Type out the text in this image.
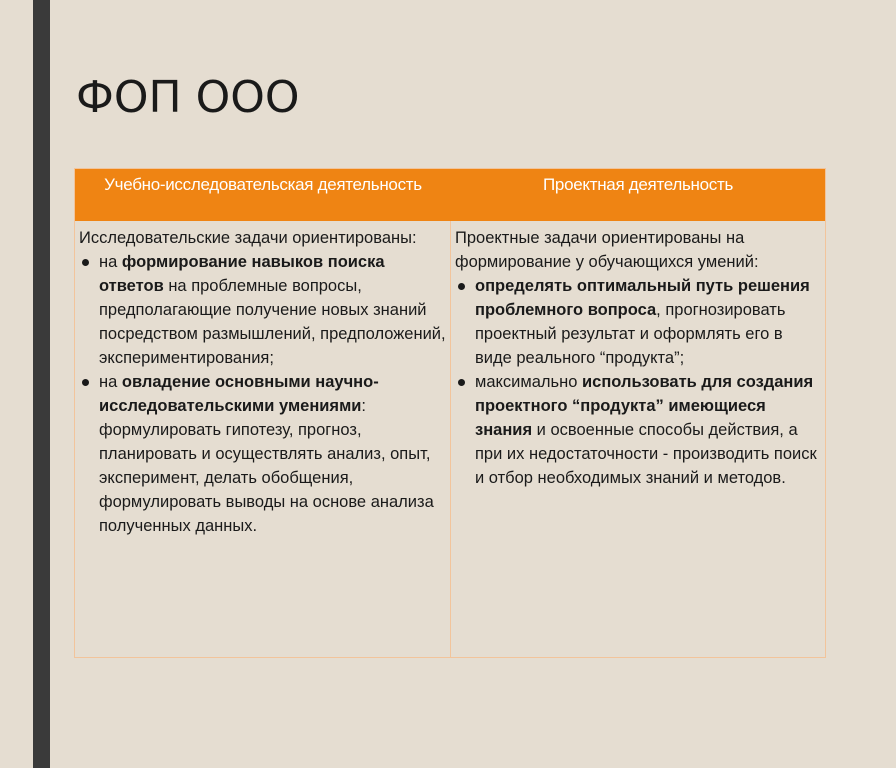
ФОП ООО
Учебно-исследовательская деятельность	Проектная деятельность

Исследовательские задачи ориентированы:

на формирование навыков поиска ответов на проблемные вопросы, предполагающие получение новых знаний посредством размышлений, предположений, экспериментирования;
на овладение основными научно-исследовательскими умениями: формулировать гипотезу, прогноз, планировать и осуществлять анализ, опыт, эксперимент, делать обобщения, формулировать выводы на основе анализа полученных данных.

Проектные задачи ориентированы на формирование у обучающихся умений:

определять оптимальный путь решения проблемного вопроса, прогнозировать проектный результат и оформлять его в виде реального “продукта”;
максимально использовать для создания проектного “продукта” имеющиеся знания и освоенные способы действия, а при их недостаточности - производить поиск и отбор необходимых знаний и методов.
